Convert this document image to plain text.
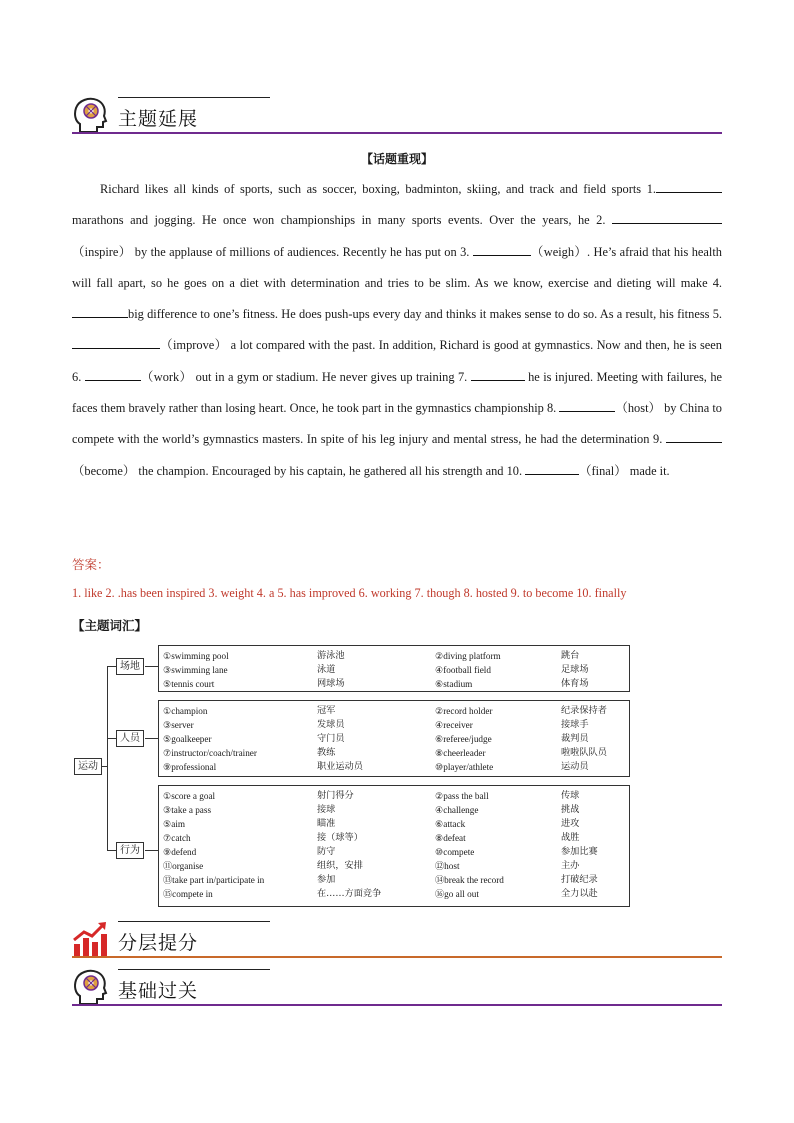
主题延展
【话题重现】

Richard likes all kinds of sports, such as soccer, boxing, badminton, skiing, and track and field sports 1. marathons and jogging. He once won championships in many sports events. Over the years, he 2. （inspire） by the applause of millions of audiences. Recently he has put on 3.	（weigh）. He’s afraid that his health will fall apart, so he goes on a diet with determination and tries to be slim. As we know, exercise and dieting will make 4. big difference to one’s fitness. He does push-ups every day and thinks it makes sense to do so. As a result, his fitness 5. （improve） a lot compared with the past. In addition, Richard is good at gymnastics. Now and then, he is seen 6.	（work） out in a gym or stadium. He never gives up training 7.	he is injured. Meeting with failures, he faces them bravely rather than losing heart. Once, he took part in the gymnastics championship 8.	（host） by China to compete with the world’s gymnastics masters. In spite of his leg injury and mental stress, he had the determination 9. （become） the champion. Encouraged by his captain, he gathered all his strength and 10.	（final） made it.

答案：
1. like 2. .has been inspired 3. weight 4. a 5. has improved 6. working 7. though 8. hosted 9. to become 10. finally
【主题词汇】
运动
场地
人员
行为
①swimming pool	游泳池	②diving platform	跳台
③swimming lane	泳道	④football field	足球场
⑤tennis court	网球场	⑥stadium	体育场
①champion	冠军	②record holder	纪录保持者
③server	发球员	④receiver	接球手
⑤goalkeeper	守门员	⑥referee/judge	裁判员
⑦instructor/coach/trainer	教练	⑧cheerleader	啦啦队队员
⑨professional	职业运动员	⑩player/athlete	运动员
①score a goal	射门得分	②pass the ball	传球
③take a pass	接球	④challenge	挑战
⑤aim	瞄准	⑥attack	进攻
⑦catch	接（球等）	⑧defeat	战胜
⑨defend	防守	⑩compete	参加比赛
⑪organise	组织，安排	⑫host	主办
⑬take part in/participate in	参加	⑭break the record	打破纪录
⑮compete in	在……方面竞争	⑯go all out	全力以赴
分层提分
基础过关
